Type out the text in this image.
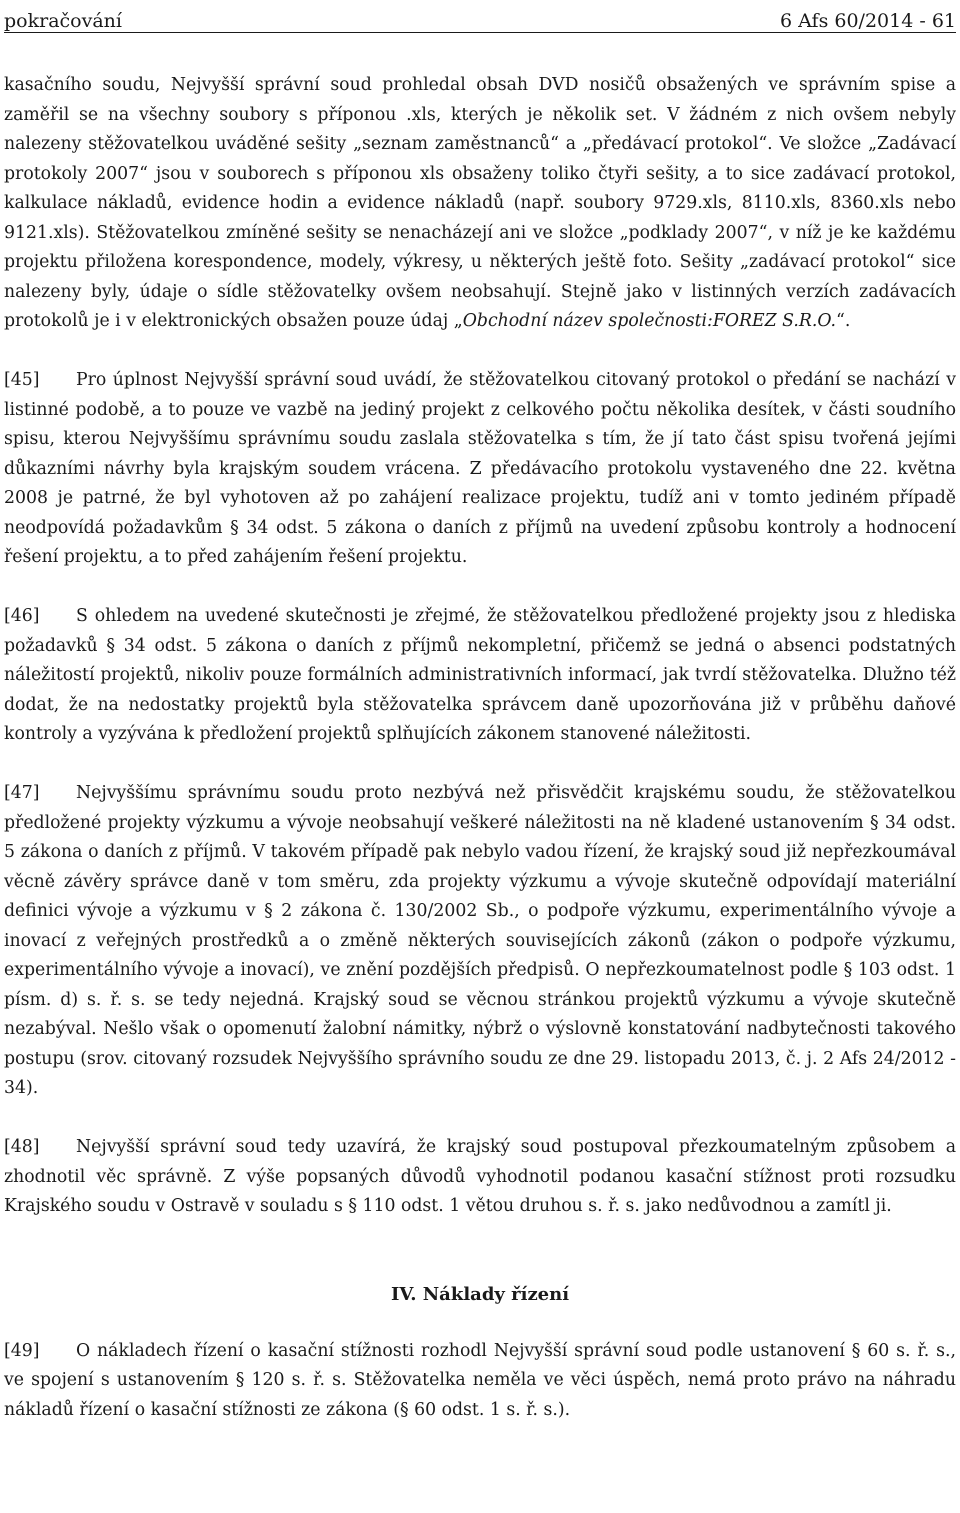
pokračování	6 Afs 60/2014 - 61

kasačního soudu, Nejvyšší správní soud prohledal obsah DVD nosičů obsažených ve správním spise a zaměřil se na všechny soubory s příponou .xls, kterých je několik set. V žádném z nich ovšem nebyly nalezeny stěžovatelkou uváděné sešity „seznam zaměstnanců“ a „předávací protokol“. Ve složce „Zadávací protokoly 2007“ jsou v souborech s příponou xls obsaženy toliko čtyři sešity, a to sice zadávací protokol, kalkulace nákladů, evidence hodin a evidence nákladů (např. soubory 9729.xls, 8110.xls, 8360.xls nebo 9121.xls). Stěžovatelkou zmíněné sešity se nenacházejí ani ve složce „podklady 2007“, v níž je ke každému projektu přiložena korespondence, modely, výkresy, u některých ještě foto. Sešity „zadávací protokol“ sice nalezeny byly, údaje o sídle stěžovatelky ovšem neobsahují. Stejně jako v listinných verzích zadávacích protokolů je i v elektronických obsažen pouze údaj „Obchodní název společnosti:FOREZ S.R.O.“.

[45] Pro úplnost Nejvyšší správní soud uvádí, že stěžovatelkou citovaný protokol o předání se nachází v listinné podobě, a to pouze ve vazbě na jediný projekt z celkového počtu několika desítek, v části soudního spisu, kterou Nejvyššímu správnímu soudu zaslala stěžovatelka s tím, že jí tato část spisu tvořená jejími důkazními návrhy byla krajským soudem vrácena. Z předávacího protokolu vystaveného dne 22. května 2008 je patrné, že byl vyhotoven až po zahájení realizace projektu, tudíž ani v tomto jediném případě neodpovídá požadavkům § 34 odst. 5 zákona o daních z příjmů na uvedení způsobu kontroly a hodnocení řešení projektu, a to před zahájením řešení projektu.

[46] S ohledem na uvedené skutečnosti je zřejmé, že stěžovatelkou předložené projekty jsou z hlediska požadavků § 34 odst. 5 zákona o daních z příjmů nekompletní, přičemž se jedná o absenci podstatných náležitostí projektů, nikoliv pouze formálních administrativních informací, jak tvrdí stěžovatelka. Dlužno též dodat, že na nedostatky projektů byla stěžovatelka správcem daně upozorňována již v průběhu daňové kontroly a vyzývána k předložení projektů splňujících zákonem stanovené náležitosti.

[47] Nejvyššímu správnímu soudu proto nezbývá než přisvědčit krajskému soudu, že stěžovatelkou předložené projekty výzkumu a vývoje neobsahují veškeré náležitosti na ně kladené ustanovením § 34 odst. 5 zákona o daních z příjmů. V takovém případě pak nebylo vadou řízení, že krajský soud již nepřezkoumával věcně závěry správce daně v tom směru, zda projekty výzkumu a vývoje skutečně odpovídají materiální definici vývoje a výzkumu v § 2 zákona č. 130/2002 Sb., o podpoře výzkumu, experimentálního vývoje a inovací z veřejných prostředků a o změně některých souvisejících zákonů (zákon o podpoře výzkumu, experimentálního vývoje a inovací), ve znění pozdějších předpisů. O nepřezkoumatelnost podle § 103 odst. 1 písm. d) s. ř. s. se tedy nejedná. Krajský soud se věcnou stránkou projektů výzkumu a vývoje skutečně nezabýval. Nešlo však o opomenutí žalobní námitky, nýbrž o výslovně konstatování nadbytečnosti takového postupu (srov. citovaný rozsudek Nejvyššího správního soudu ze dne 29. listopadu 2013, č. j. 2 Afs 24/2012 - 34).

[48] Nejvyšší správní soud tedy uzavírá, že krajský soud postupoval přezkoumatelným způsobem a zhodnotil věc správně. Z výše popsaných důvodů vyhodnotil podanou kasační stížnost proti rozsudku Krajského soudu v Ostravě v souladu s § 110 odst. 1 větou druhou s. ř. s. jako nedůvodnou a zamítl ji.

IV. Náklady řízení

[49] O nákladech řízení o kasační stížnosti rozhodl Nejvyšší správní soud podle ustanovení § 60 s. ř. s., ve spojení s ustanovením § 120 s. ř. s. Stěžovatelka neměla ve věci úspěch, nemá proto právo na náhradu nákladů řízení o kasační stížnosti ze zákona (§ 60 odst. 1 s. ř. s.).
